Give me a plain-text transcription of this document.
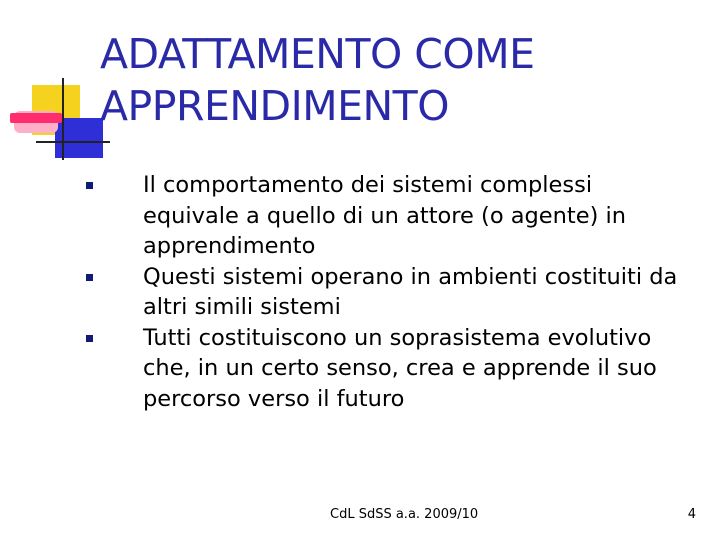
ADATTAMENTO COME
APPRENDIMENTO
Il comportamento dei sistemi complessi equivale a quello di un attore (o agente) in apprendimento
Questi sistemi operano in ambienti costituiti da altri simili sistemi
Tutti costituiscono un soprasistema evolutivo che, in un certo senso, crea e apprende il suo percorso verso il futuro
CdL SdSS a.a. 2009/10	4
